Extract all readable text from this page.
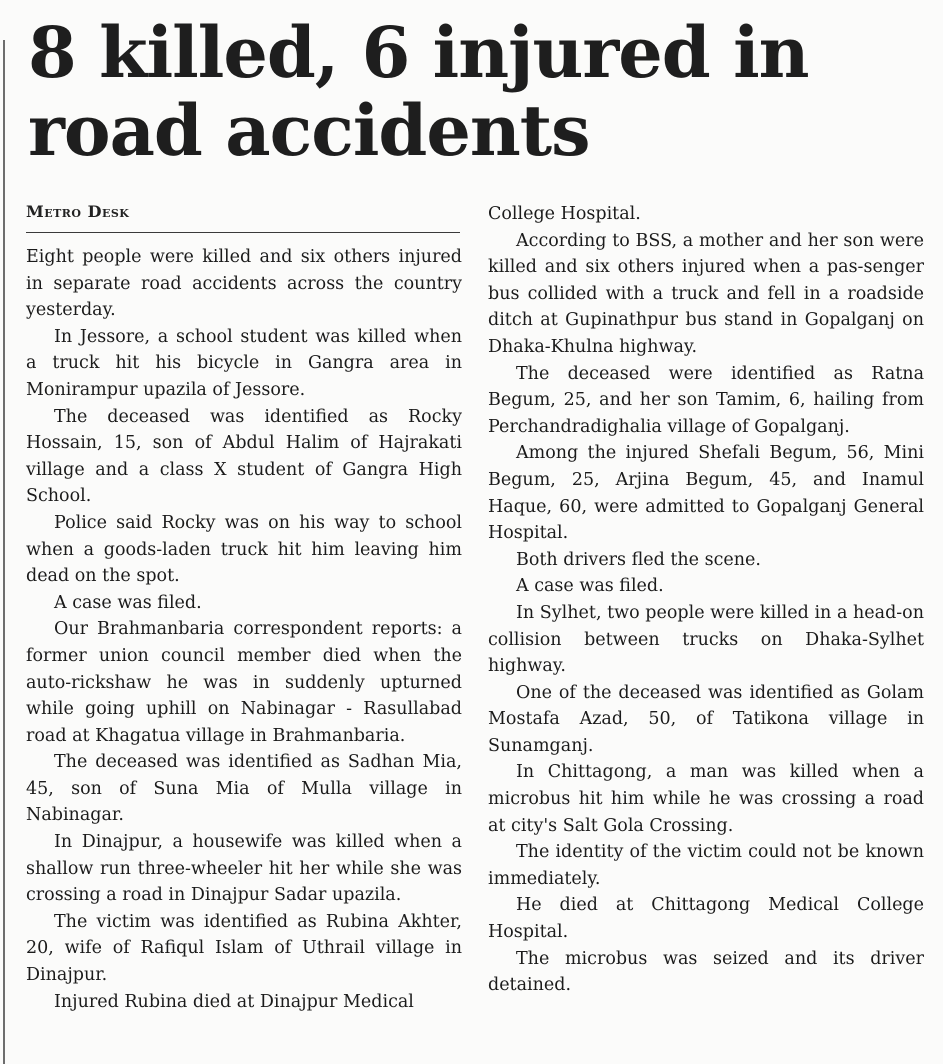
8 killed, 6 injured in road accidents
Metro Desk

Eight people were killed and six others injured in separate road accidents across the country yesterday.

In Jessore, a school student was killed when a truck hit his bicycle in Gangra area in Monirampur upazila of Jessore.

The deceased was identified as Rocky Hossain, 15, son of Abdul Halim of Hajrakati village and a class X student of Gangra High School.

Police said Rocky was on his way to school when a goods-laden truck hit him leaving him dead on the spot.

A case was filed.

Our Brahmanbaria correspondent reports: a former union council member died when the auto-rickshaw he was in suddenly upturned while going uphill on Nabinagar - Rasullabad road at Khagatua village in Brahmanbaria.

The deceased was identified as Sadhan Mia, 45, son of Suna Mia of Mulla village in Nabinagar.

In Dinajpur, a housewife was killed when a shallow run three-wheeler hit her while she was crossing a road in Dinajpur Sadar upazila.

The victim was identified as Rubina Akhter, 20, wife of Rafiqul Islam of Uthrail village in Dinajpur.

Injured Rubina died at Dinajpur Medical

College Hospital.

According to BSS, a mother and her son were killed and six others injured when a pas-senger bus collided with a truck and fell in a roadside ditch at Gupinathpur bus stand in Gopalganj on Dhaka-Khulna highway.

The deceased were identified as Ratna Begum, 25, and her son Tamim, 6, hailing from Perchandradighalia village of Gopalganj.

Among the injured Shefali Begum, 56, Mini Begum, 25, Arjina Begum, 45, and Inamul Haque, 60, were admitted to Gopalganj General Hospital.

Both drivers fled the scene.

A case was filed.

In Sylhet, two people were killed in a head-on collision between trucks on Dhaka-Sylhet highway.

One of the deceased was identified as Golam Mostafa Azad, 50, of Tatikona village in Sunamganj.

In Chittagong, a man was killed when a microbus hit him while he was crossing a road at city's Salt Gola Crossing.

The identity of the victim could not be known immediately.

He died at Chittagong Medical College Hospital.

The microbus was seized and its driver detained.
